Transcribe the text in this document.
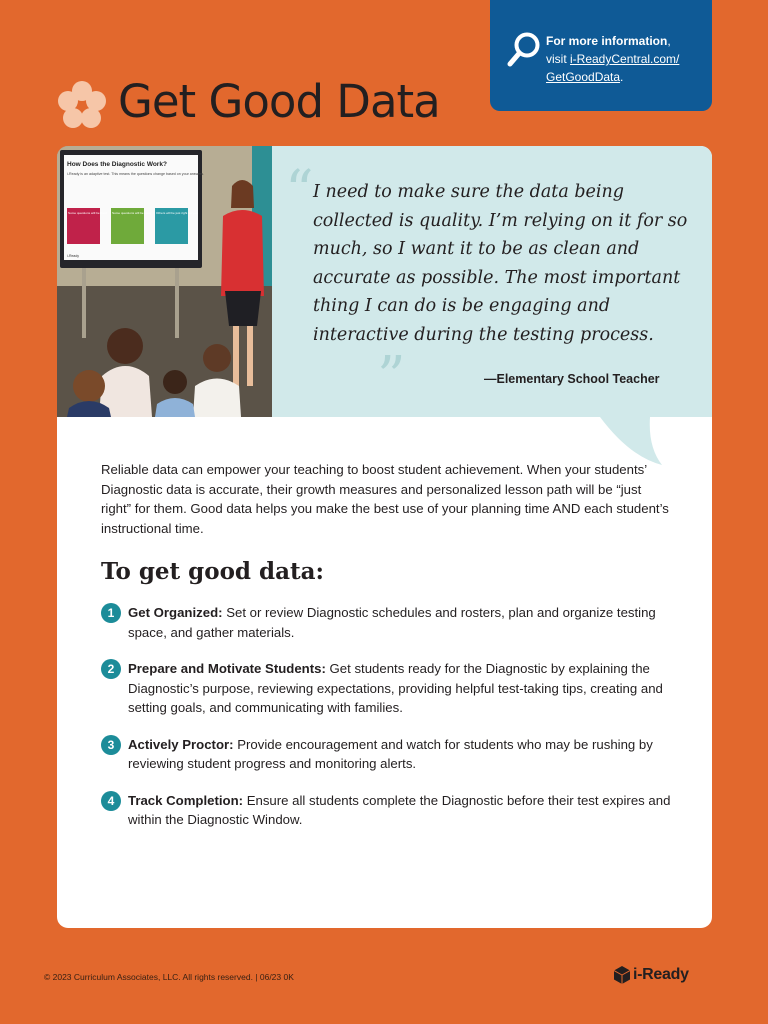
For more information,
visit i-ReadyCentral.com/
GetGoodData.
Get Good Data
How Does the Diagnostic Work?
i-Ready is an adaptive test. This means the questions change based on your answers.
Some questions will be hard Some questions will be easy Others will be just right for you
i-Ready
“ I need to make sure the data being collected is quality. I’m relying on it for so much, so I want it to be as clean and accurate as possible. The most important thing I can do is be engaging and interactive during the testing process.
”	—Elementary School Teacher

Reliable data can empower your teaching to boost student achievement. When your students’ Diagnostic data is accurate, their growth measures and personalized lesson path will be “just right” for them. Good data helps you make the best use of your planning time AND each student’s instructional time.

To get good data:
1	Get Organized: Set or review Diagnostic schedules and rosters, plan and organize testing space, and gather materials.
2	Prepare and Motivate Students: Get students ready for the Diagnostic by explaining the Diagnostic’s purpose, reviewing expectations, providing helpful test-taking tips, creating and setting goals, and communicating with families.
3	Actively Proctor: Provide encouragement and watch for students who may be rushing by reviewing student progress and monitoring alerts.
4	Track Completion: Ensure all students complete the Diagnostic before their test expires and within the Diagnostic Window.
© 2023 Curriculum Associates, LLC. All rights reserved. | 06/23 0K	i-Ready
